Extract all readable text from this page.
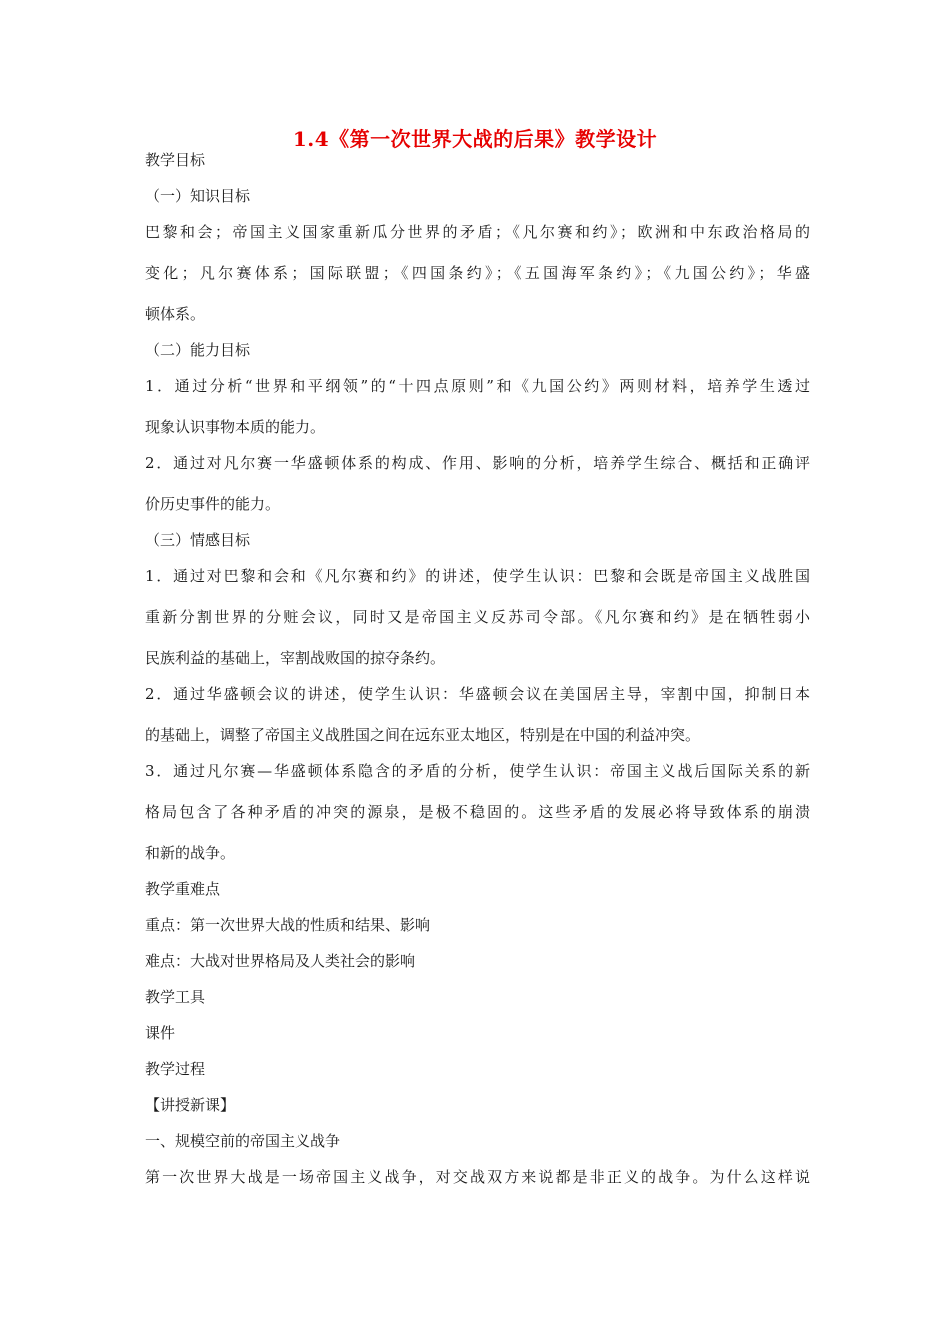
1.4《第一次世界大战的后果》教学设计
教学目标
（一）知识目标
巴黎和会；帝国主义国家重新瓜分世界的矛盾；《凡尔赛和约》；欧洲和中东政治格局的
变化；凡尔赛体系；国际联盟；《四国条约》；《五国海军条约》；《九国公约》；华盛
顿体系。
（二）能力目标
1．通过分析“世界和平纲领”的“十四点原则”和《九国公约》两则材料，培养学生透过
现象认识事物本质的能力。
2．通过对凡尔赛一华盛顿体系的构成、作用、影响的分析，培养学生综合、概括和正确评
价历史事件的能力。
（三）情感目标
1．通过对巴黎和会和《凡尔赛和约》的讲述，使学生认识：巴黎和会既是帝国主义战胜国
重新分割世界的分赃会议，同时又是帝国主义反苏司令部。《凡尔赛和约》是在牺牲弱小
民族利益的基础上，宰割战败国的掠夺条约。
2．通过华盛顿会议的讲述，使学生认识：华盛顿会议在美国居主导，宰割中国，抑制日本
的基础上，调整了帝国主义战胜国之间在远东亚太地区，特别是在中国的利益冲突。
3．通过凡尔赛—华盛顿体系隐含的矛盾的分析，使学生认识：帝国主义战后国际关系的新
格局包含了各种矛盾的冲突的源泉，是极不稳固的。这些矛盾的发展必将导致体系的崩溃
和新的战争。
教学重难点
重点：第一次世界大战的性质和结果、影响
难点：大战对世界格局及人类社会的影响
教学工具
课件
教学过程
【讲授新课】
一、规模空前的帝国主义战争
第一次世界大战是一场帝国主义战争，对交战双方来说都是非正义的战争。为什么这样说
